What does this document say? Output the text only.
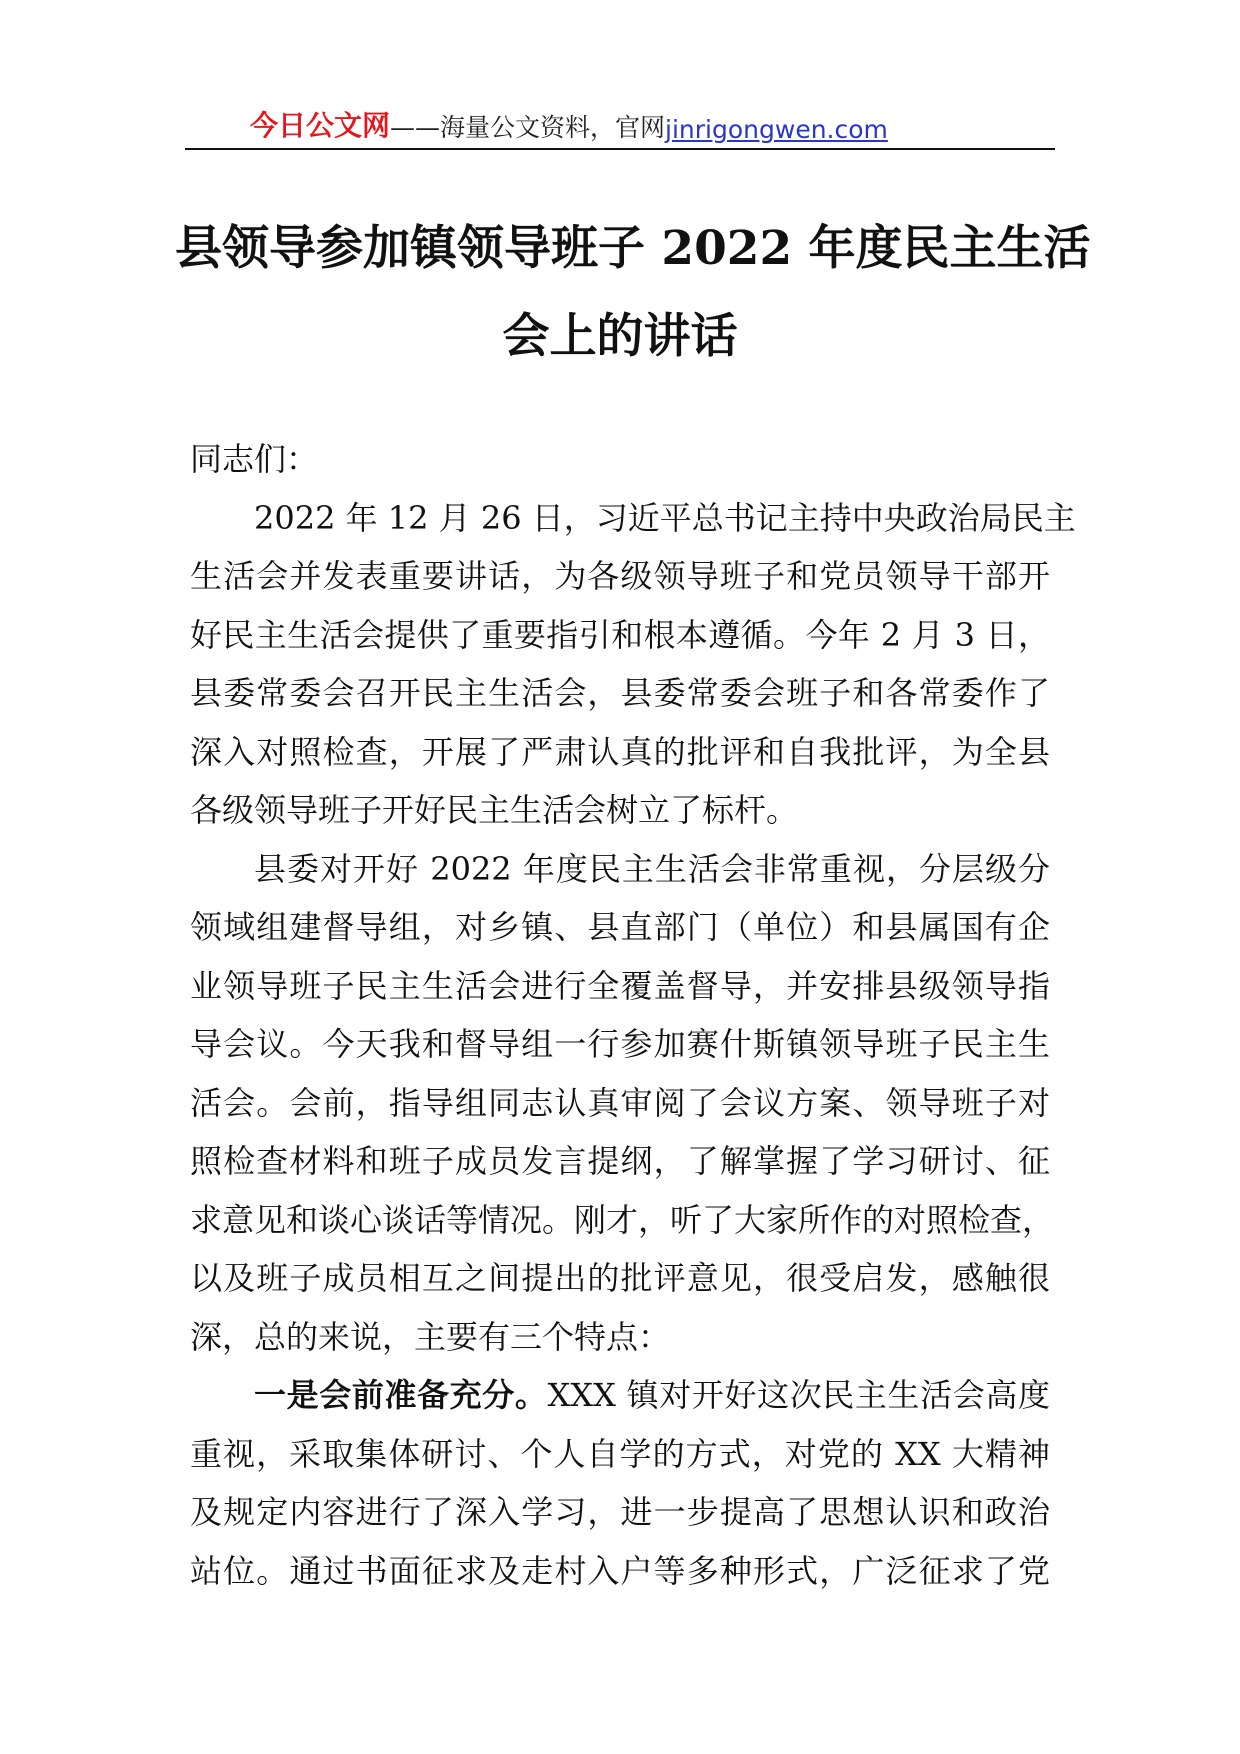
今日公文网 ——海量公文资料，官网 jinrigongwen.com
县领导参加镇领导班子 2022 年度民主生活
会上的讲话
同志们：
2022 年 12 月 26 日，习近平总书记主持中央政治局民主
生活会并发表重要讲话，为各级领导班子和党员领导干部开
好民主生活会提供了重要指引和根本遵循。今年 2 月 3 日，
县委常委会召开民主生活会，县委常委会班子和各常委作了
深入对照检查，开展了严肃认真的批评和自我批评，为全县
各级领导班子开好民主生活会树立了标杆。
县委对开好 2022 年度民主生活会非常重视，分层级分
领域组建督导组，对乡镇、县直部门（单位）和县属国有企
业领导班子民主生活会进行全覆盖督导，并安排县级领导指
导会议。今天我和督导组一行参加赛什斯镇领导班子民主生
活会。会前，指导组同志认真审阅了会议方案、领导班子对
照检查材料和班子成员发言提纲，了解掌握了学习研讨、征
求意见和谈心谈话等情况。刚才，听了大家所作的对照检查，
以及班子成员相互之间提出的批评意见，很受启发，感触很
深，总的来说，主要有三个特点：
一是会前准备充分。XXX 镇对开好这次民主生活会高度
重视，采取集体研讨、个人自学的方式，对党的 XX 大精神
及规定内容进行了深入学习，进一步提高了思想认识和政治
站位。通过书面征求及走村入户等多种形式，广泛征求了党
